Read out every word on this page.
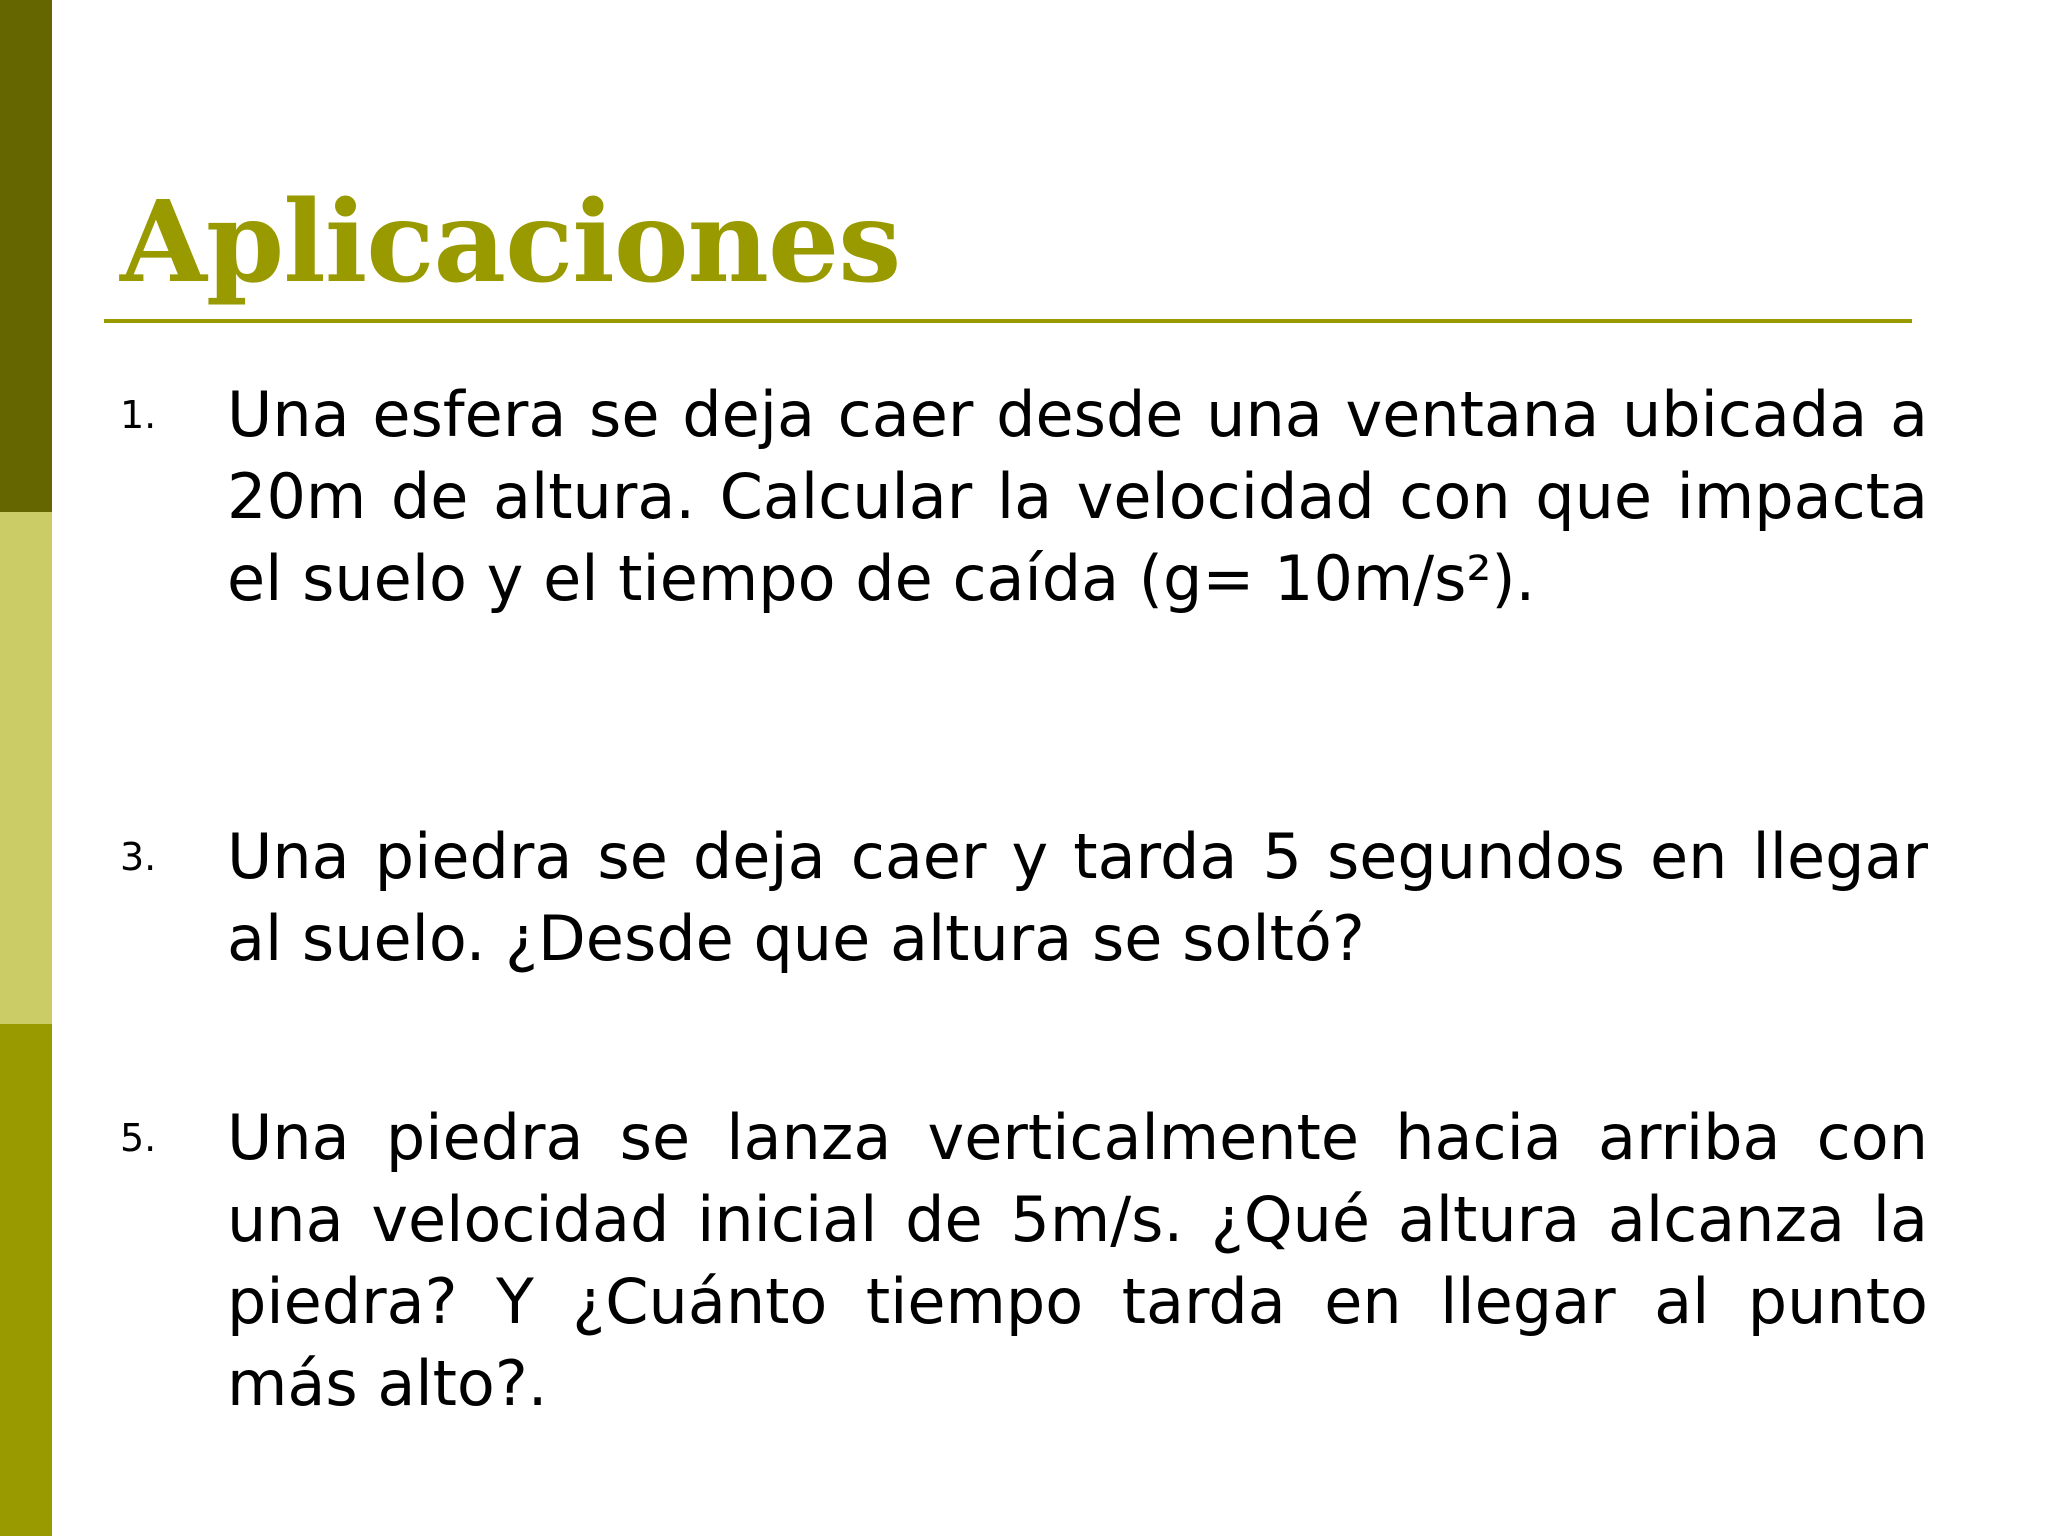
Aplicaciones
1.	Una esfera se deja caer desde una ventana ubicada a 20m de altura. Calcular la velocidad con que impacta el suelo y el tiempo de caída (g= 10m/s²).

3.	Una piedra se deja caer y tarda 5 segundos en llegar al suelo. ¿Desde que altura se soltó?

5.	Una piedra se lanza verticalmente hacia arriba con una velocidad inicial de 5m/s. ¿Qué altura alcanza la piedra? Y ¿Cuánto tiempo tarda en llegar al punto más alto?.
